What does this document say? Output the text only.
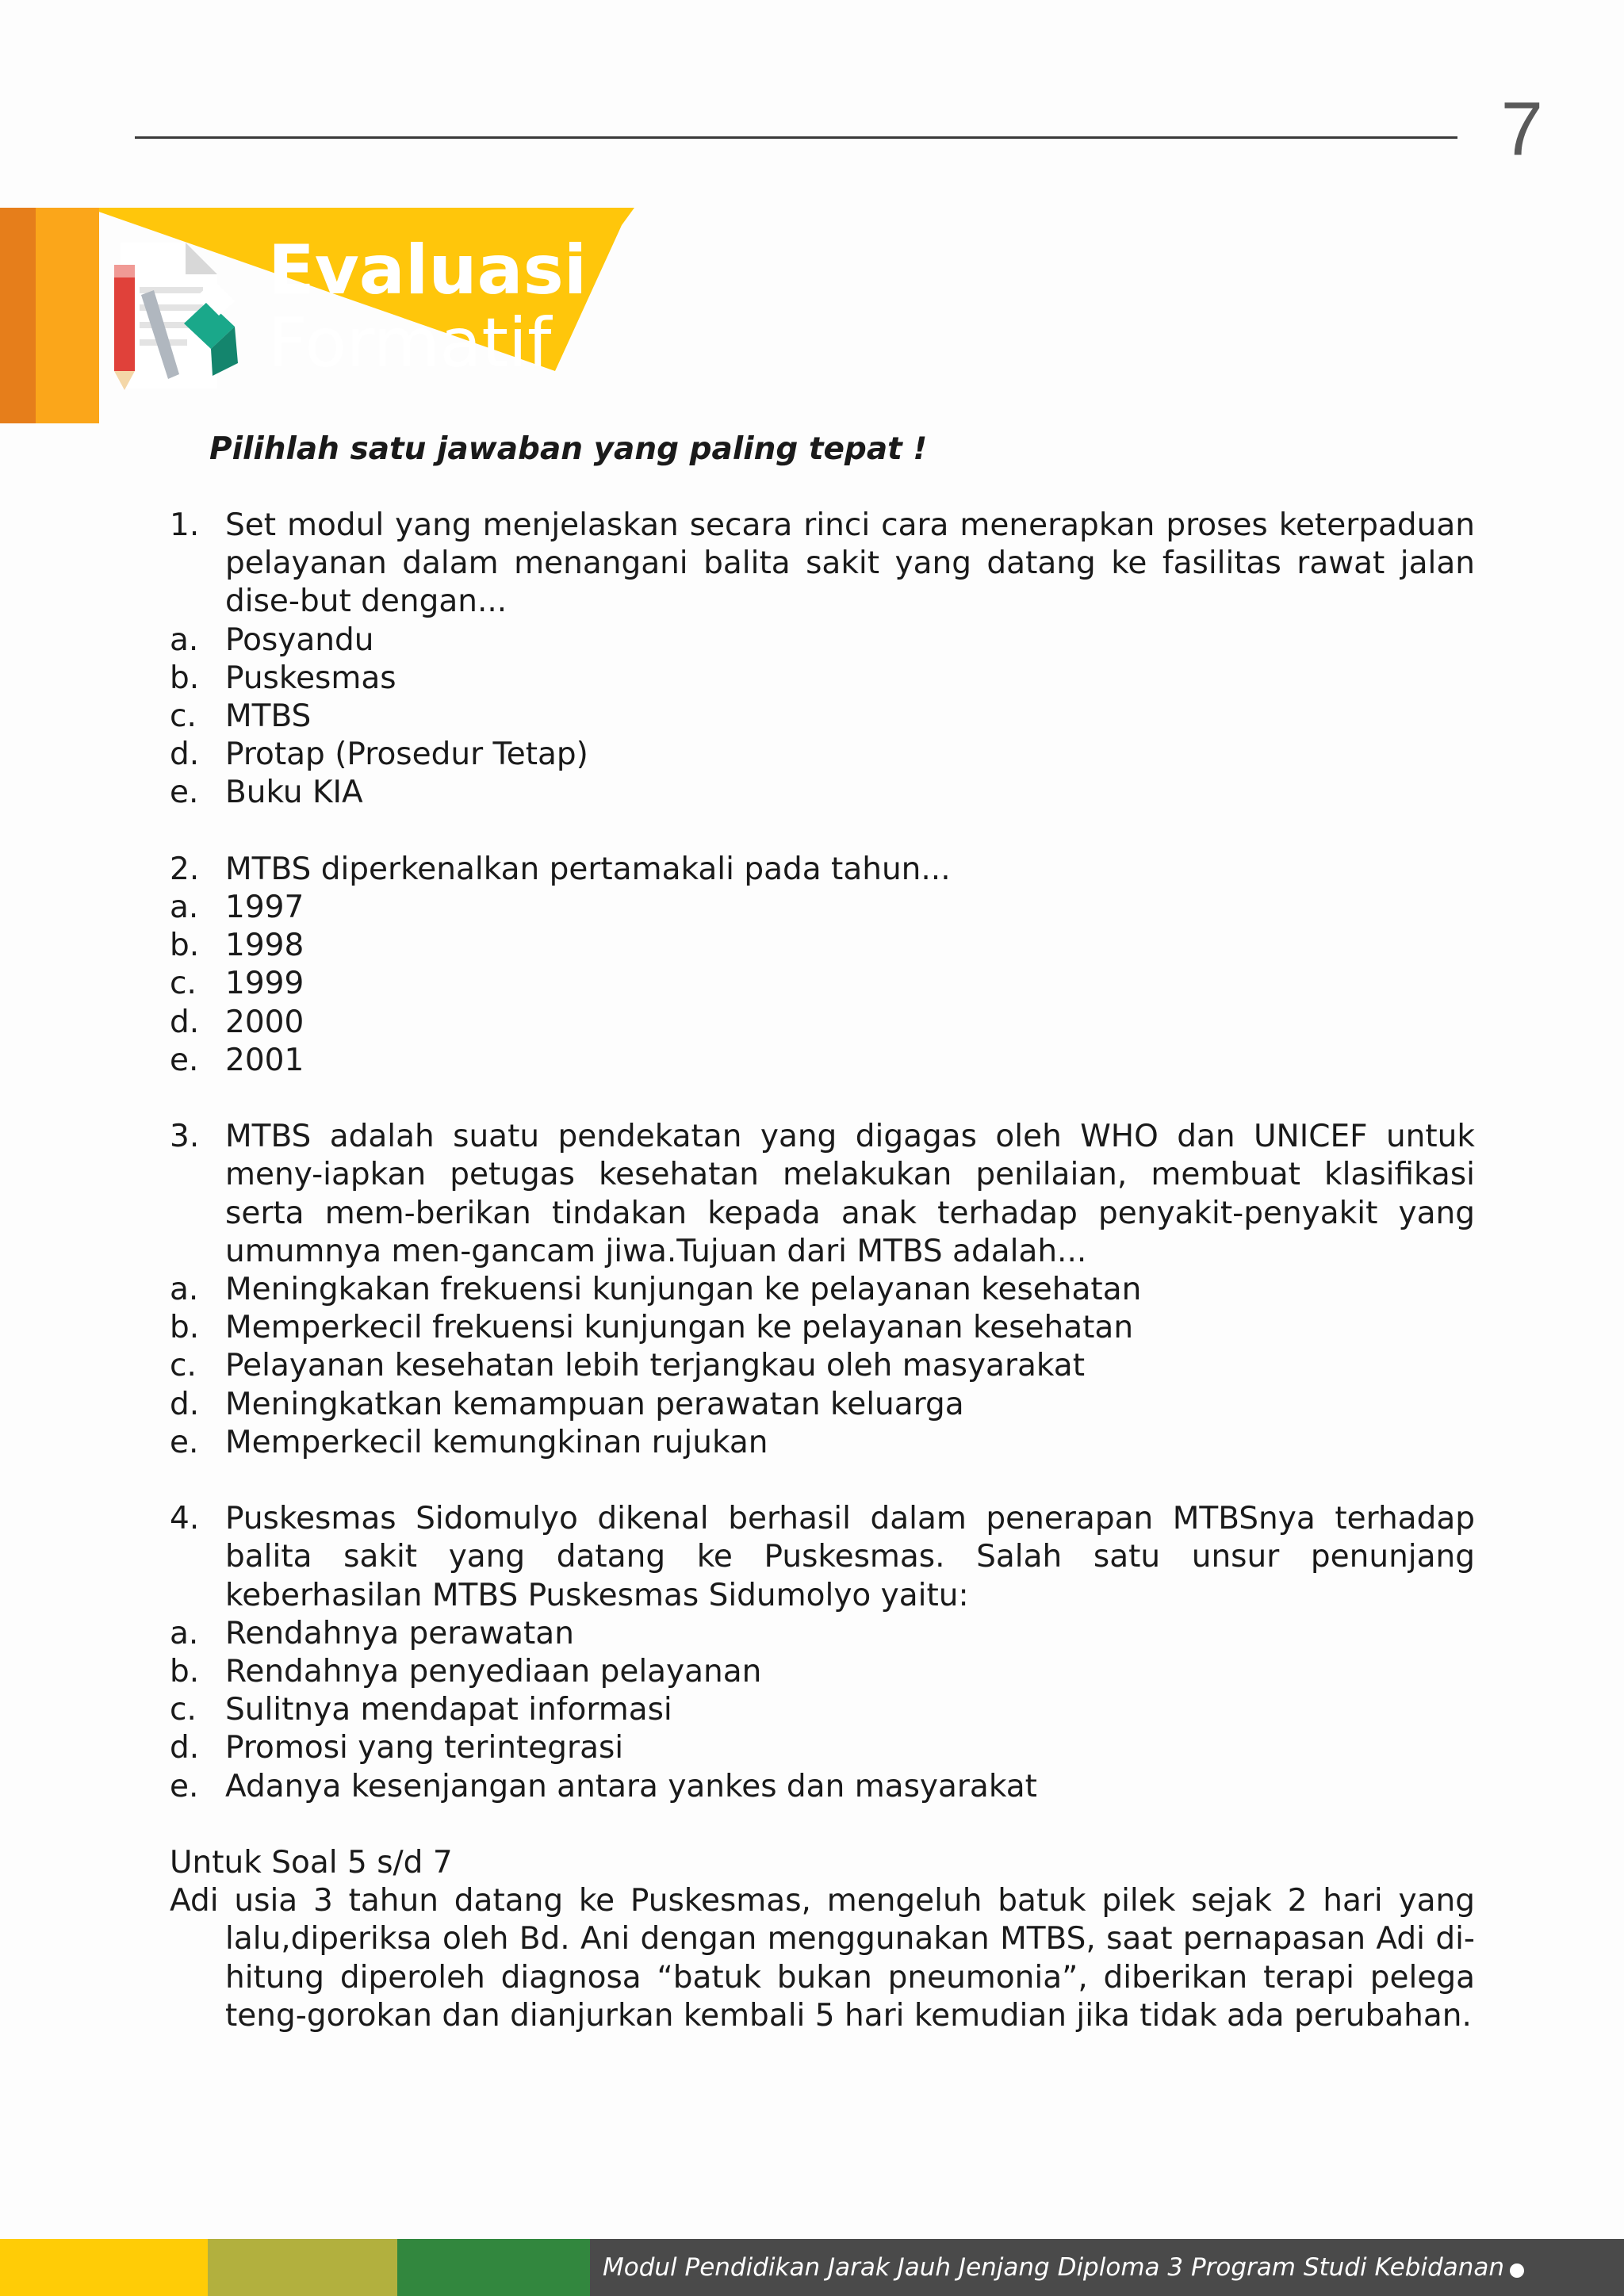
7
Evaluasi
Formatif
Pilihlah satu jawaban yang paling tepat !
1. Set modul yang menjelaskan secara rinci cara menerapkan proses keterpaduan pelayanan dalam menangani balita sakit yang datang ke fasilitas rawat jalan dise-but dengan...
a. Posyandu
b. Puskesmas
c. MTBS
d. Protap (Prosedur Tetap)
e. Buku KIA
2. MTBS diperkenalkan pertamakali pada tahun...
a. 1997
b. 1998
c. 1999
d. 2000
e. 2001
3. MTBS adalah suatu pendekatan yang digagas oleh WHO dan UNICEF untuk meny-iapkan petugas kesehatan melakukan penilaian, membuat klasifikasi serta mem-berikan tindakan kepada anak terhadap penyakit-penyakit yang umumnya men-gancam jiwa.Tujuan dari MTBS adalah...
a. Meningkakan frekuensi kunjungan ke pelayanan kesehatan
b. Memperkecil frekuensi kunjungan ke pelayanan kesehatan
c. Pelayanan kesehatan lebih terjangkau oleh masyarakat
d. Meningkatkan kemampuan perawatan keluarga
e. Memperkecil kemungkinan rujukan
4. Puskesmas Sidomulyo dikenal berhasil dalam penerapan MTBSnya terhadap balita sakit yang datang ke Puskesmas. Salah satu unsur penunjang keberhasilan MTBS Puskesmas Sidumolyo yaitu:
a. Rendahnya perawatan
b. Rendahnya penyediaan pelayanan
c. Sulitnya mendapat informasi
d. Promosi yang terintegrasi
e. Adanya kesenjangan antara yankes dan masyarakat
Untuk Soal 5 s/d 7
Adi usia 3 tahun datang ke Puskesmas, mengeluh batuk pilek sejak 2 hari yang lalu,diperiksa oleh Bd. Ani dengan menggunakan MTBS, saat pernapasan Adi di-hitung diperoleh diagnosa “batuk bukan pneumonia”, diberikan terapi pelega teng-gorokan dan dianjurkan kembali 5 hari kemudian jika tidak ada perubahan.
Modul Pendidikan Jarak Jauh Jenjang Diploma 3 Program Studi Kebidanan
